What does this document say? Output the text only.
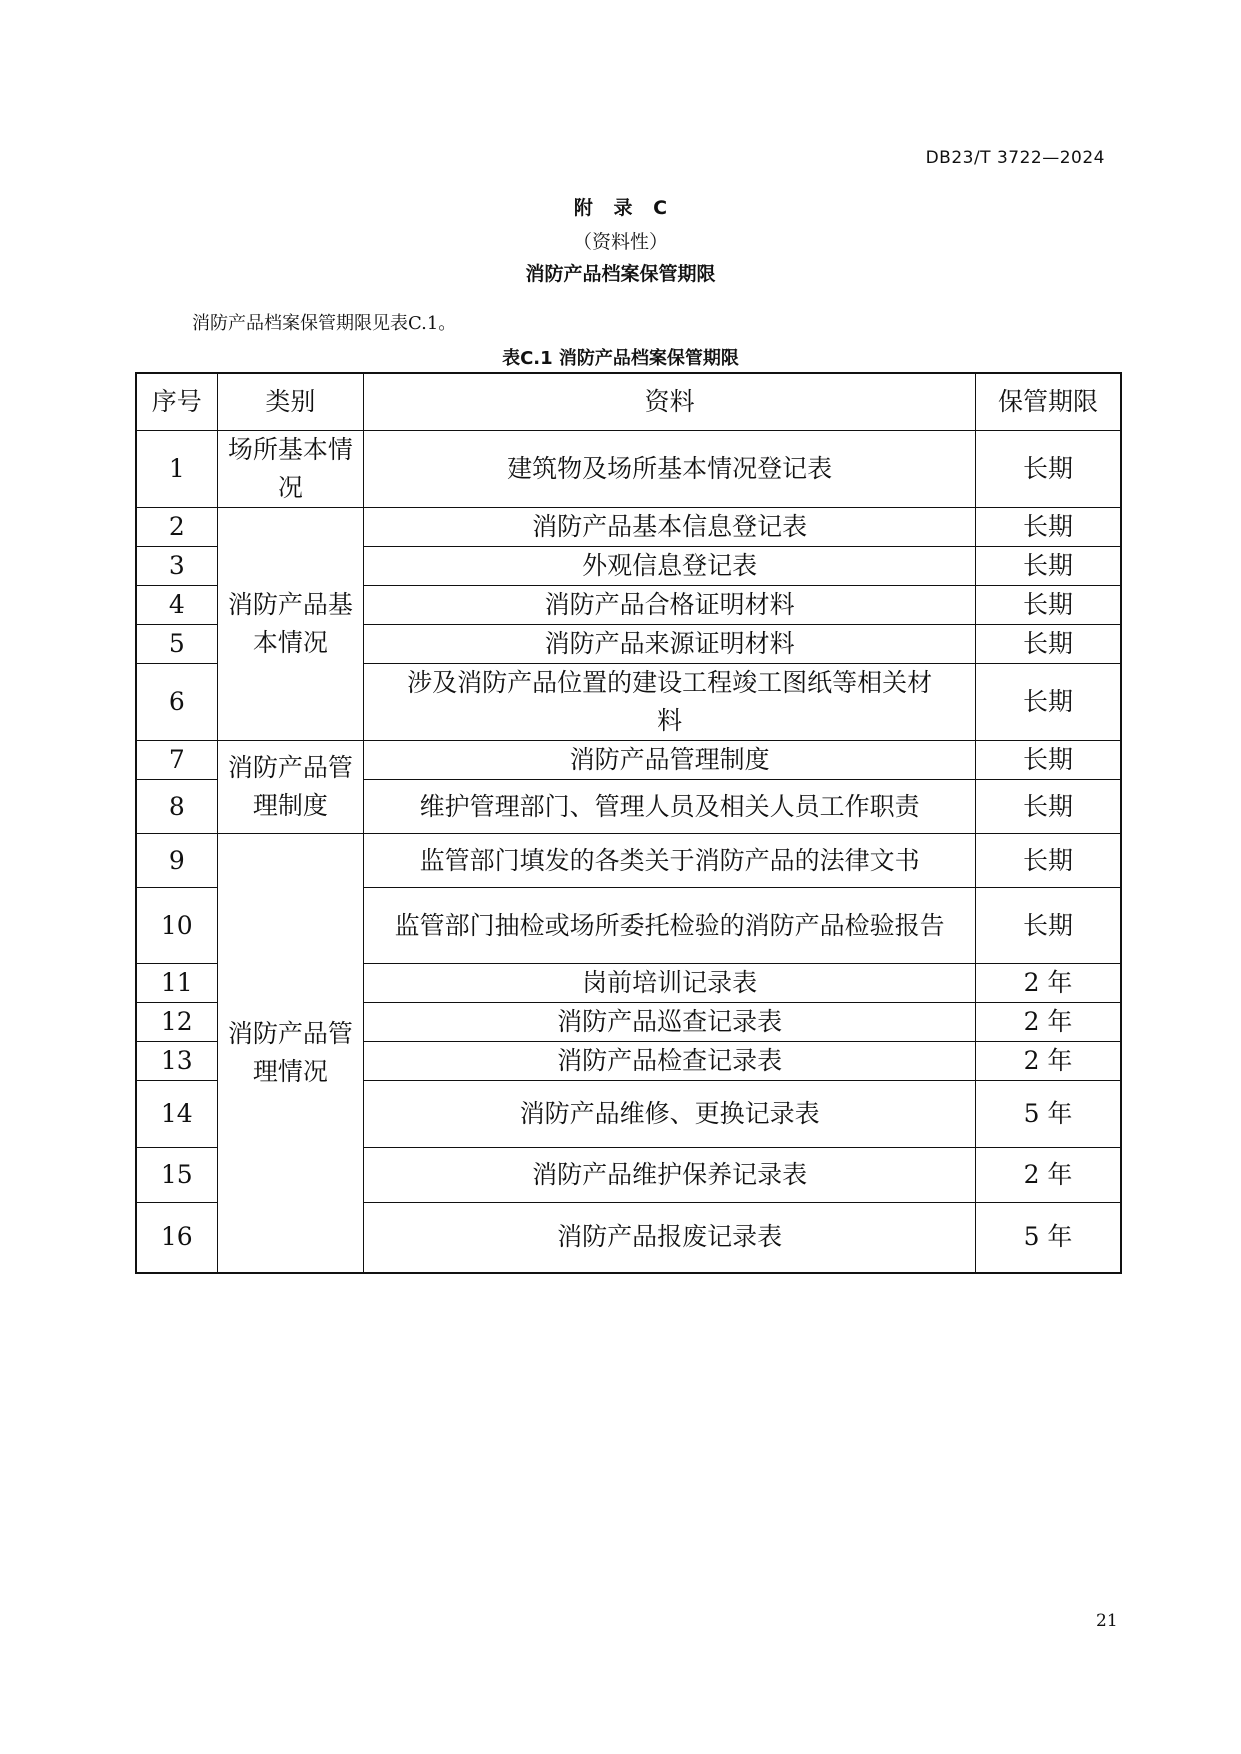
DB23/T 3722—2024
附 录 C
（资料性）
消防产品档案保管期限
消防产品档案保管期限见表C.1。
表C.1 消防产品档案保管期限
序号	类别	资料	保管期限
1	场所基本情况	建筑物及场所基本情况登记表	长期
2	消防产品基本情况	消防产品基本信息登记表	长期
3		外观信息登记表	长期
4		消防产品合格证明材料	长期
5		消防产品来源证明材料	长期
6		涉及消防产品位置的建设工程竣工图纸等相关材料	长期
7	消防产品管理制度	消防产品管理制度	长期
8		维护管理部门、管理人员及相关人员工作职责	长期
9	消防产品管理情况	监管部门填发的各类关于消防产品的法律文书	长期
10		监管部门抽检或场所委托检验的消防产品检验报告	长期
11		岗前培训记录表	2 年
12		消防产品巡查记录表	2 年
13		消防产品检查记录表	2 年
14		消防产品维修、更换记录表	5 年
15		消防产品维护保养记录表	2 年
16		消防产品报废记录表	5 年
21
